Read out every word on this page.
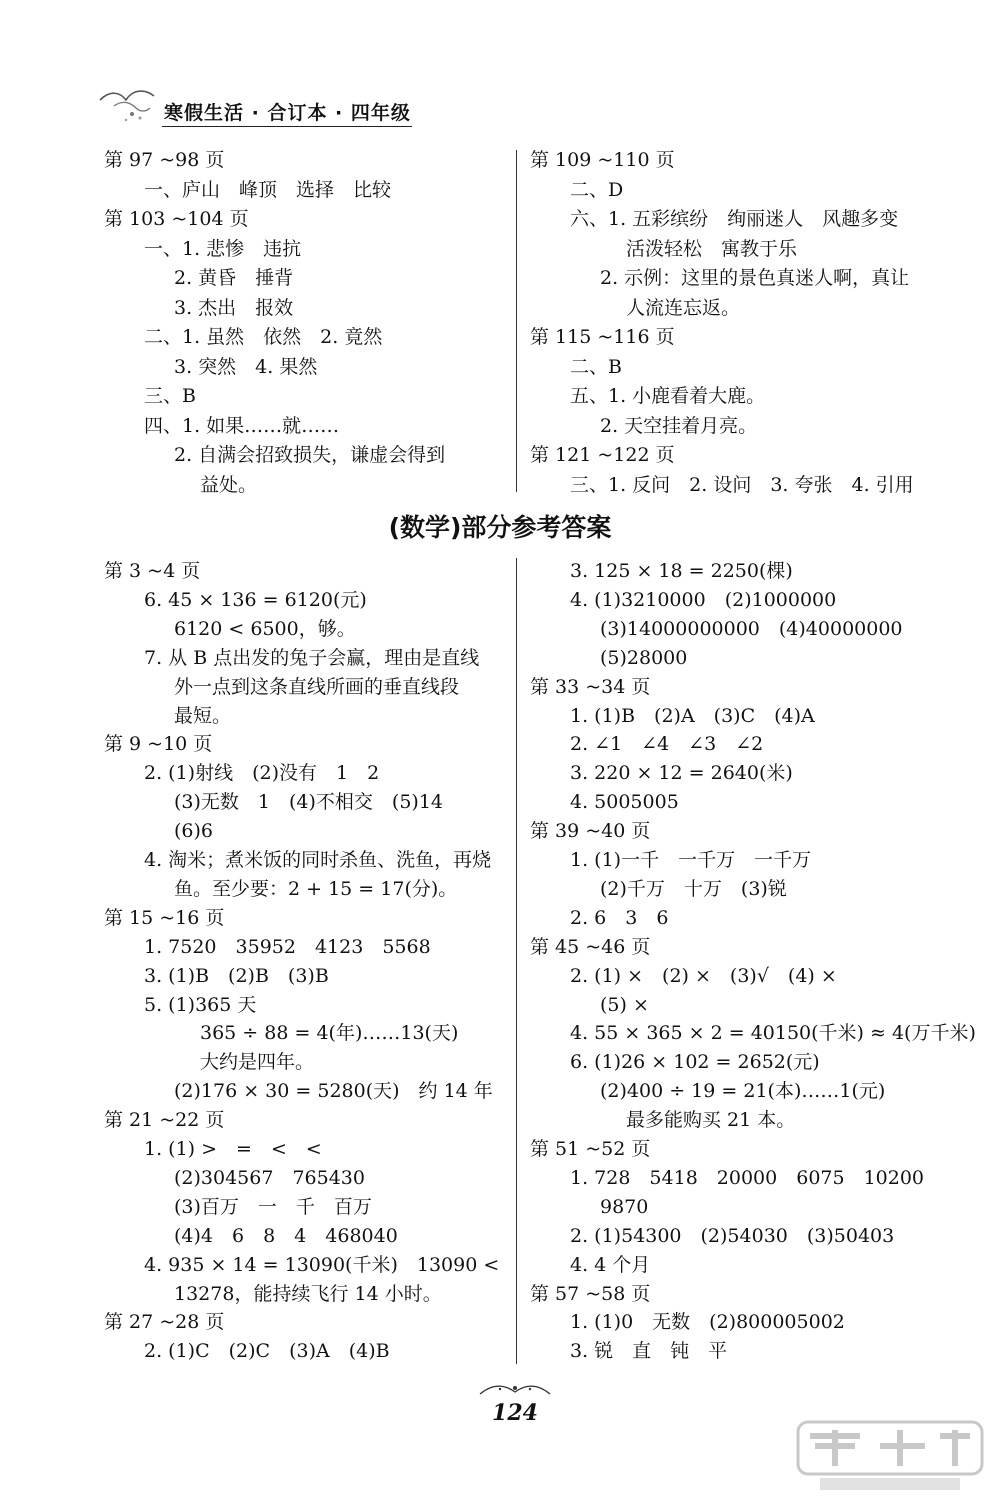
寒假生活 · 合订本 · 四年级
第 97 ~98 页
一、庐山　峰顶　选择　比较
第 103 ~104 页
一、1. 悲惨　违抗
2. 黄昏　捶背
3. 杰出　报效
二、1. 虽然　依然　2. 竟然
3. 突然　4. 果然
三、B
四、1. 如果……就……
2. 自满会招致损失，谦虚会得到
益处。
第 109 ~110 页
二、D
六、1. 五彩缤纷　绚丽迷人　风趣多变
活泼轻松　寓教于乐
2. 示例：这里的景色真迷人啊，真让
人流连忘返。
第 115 ~116 页
二、B
五、1. 小鹿看着大鹿。
2. 天空挂着月亮。
第 121 ~122 页
三、1. 反问　2. 设问　3. 夸张　4. 引用
(数学)部分参考答案
第 3 ~4 页
6. 45 × 136 = 6120(元)
6120 < 6500，够。
7. 从 B 点出发的兔子会赢，理由是直线
外一点到这条直线所画的垂直线段
最短。
第 9 ~10 页
2. (1)射线　(2)没有　1　2
(3)无数　1　(4)不相交　(5)14
(6)6
4. 淘米；煮米饭的同时杀鱼、洗鱼，再烧
鱼。至少要：2 + 15 = 17(分)。
第 15 ~16 页
1. 7520　35952　4123　5568
3. (1)B　(2)B　(3)B
5. (1)365 天
365 ÷ 88 = 4(年)……13(天)
大约是四年。
(2)176 × 30 = 5280(天)　约 14 年
第 21 ~22 页
1. (1) >　=　<　<
(2)304567　765430
(3)百万　一　千　百万
(4)4　6　8　4　468040
4. 935 × 14 = 13090(千米)　13090 <
13278，能持续飞行 14 小时。
第 27 ~28 页
2. (1)C　(2)C　(3)A　(4)B
3. 125 × 18 = 2250(棵)
4. (1)3210000　(2)1000000
(3)14000000000　(4)40000000
(5)28000
第 33 ~34 页
1. (1)B　(2)A　(3)C　(4)A
2. ∠1　∠4　∠3　∠2
3. 220 × 12 = 2640(米)
4. 5005005
第 39 ~40 页
1. (1)一千　一千万　一千万
(2)千万　十万　(3)锐
2. 6　3　6
第 45 ~46 页
2. (1) ×　(2) ×　(3)√　(4) ×
(5) ×
4. 55 × 365 × 2 = 40150(千米) ≈ 4(万千米)
6. (1)26 × 102 = 2652(元)
(2)400 ÷ 19 = 21(本)……1(元)
最多能购买 21 本。
第 51 ~52 页
1. 728　5418　20000　6075　10200
9870
2. (1)54300　(2)54030　(3)50403
4. 4 个月
第 57 ~58 页
1. (1)0　无数　(2)800005002
3. 锐　直　钝　平
124
